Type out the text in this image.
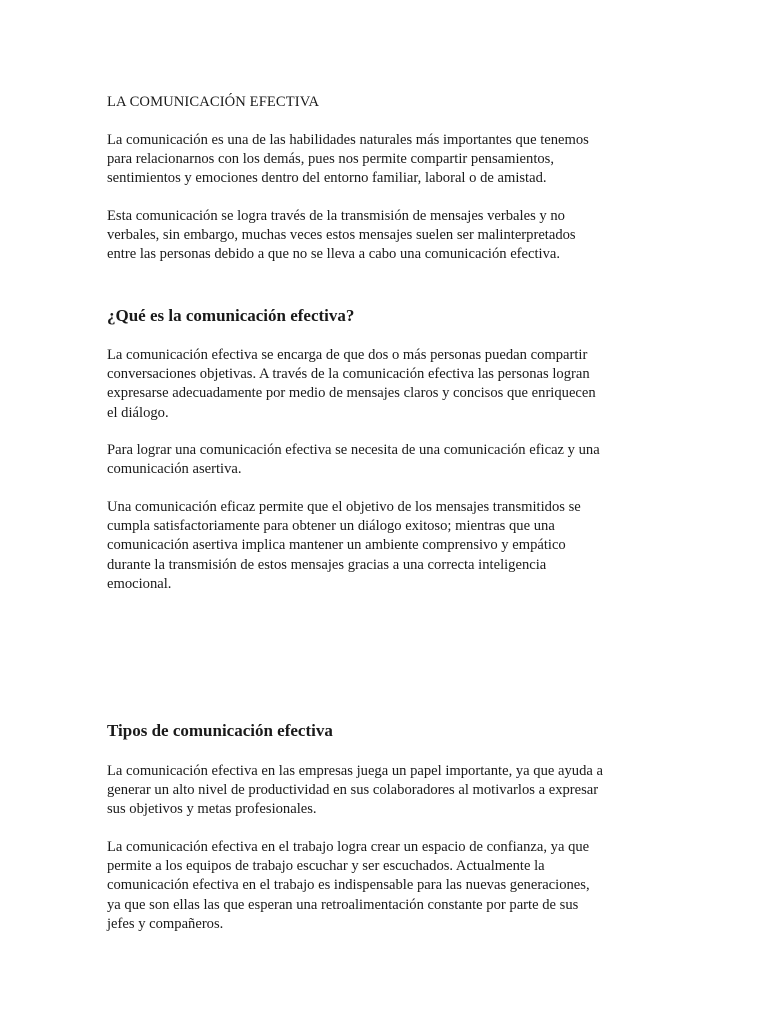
LA COMUNICACIÓN EFECTIVA

La comunicación es una de las habilidades naturales más importantes que tenemos
para relacionarnos con los demás, pues nos permite compartir pensamientos,
sentimientos y emociones dentro del entorno familiar, laboral o de amistad.

Esta comunicación se logra través de la transmisión de mensajes verbales y no
verbales, sin embargo, muchas veces estos mensajes suelen ser malinterpretados
entre las personas debido a que no se lleva a cabo una comunicación efectiva.

¿Qué es la comunicación efectiva?

La comunicación efectiva se encarga de que dos o más personas puedan compartir
conversaciones objetivas. A través de la comunicación efectiva las personas logran
expresarse adecuadamente por medio de mensajes claros y concisos que enriquecen
el diálogo.

Para lograr una comunicación efectiva se necesita de una comunicación eficaz y una
comunicación asertiva.

Una comunicación eficaz permite que el objetivo de los mensajes transmitidos se
cumpla satisfactoriamente para obtener un diálogo exitoso; mientras que una
comunicación asertiva implica mantener un ambiente comprensivo y empático
durante la transmisión de estos mensajes gracias a una correcta inteligencia
emocional.

Tipos de comunicación efectiva

La comunicación efectiva en las empresas juega un papel importante, ya que ayuda a
generar un alto nivel de productividad en sus colaboradores al motivarlos a expresar
sus objetivos y metas profesionales.

La comunicación efectiva en el trabajo logra crear un espacio de confianza, ya que
permite a los equipos de trabajo escuchar y ser escuchados. Actualmente la
comunicación efectiva en el trabajo es indispensable para las nuevas generaciones,
ya que son ellas las que esperan una retroalimentación constante por parte de sus
jefes y compañeros.
